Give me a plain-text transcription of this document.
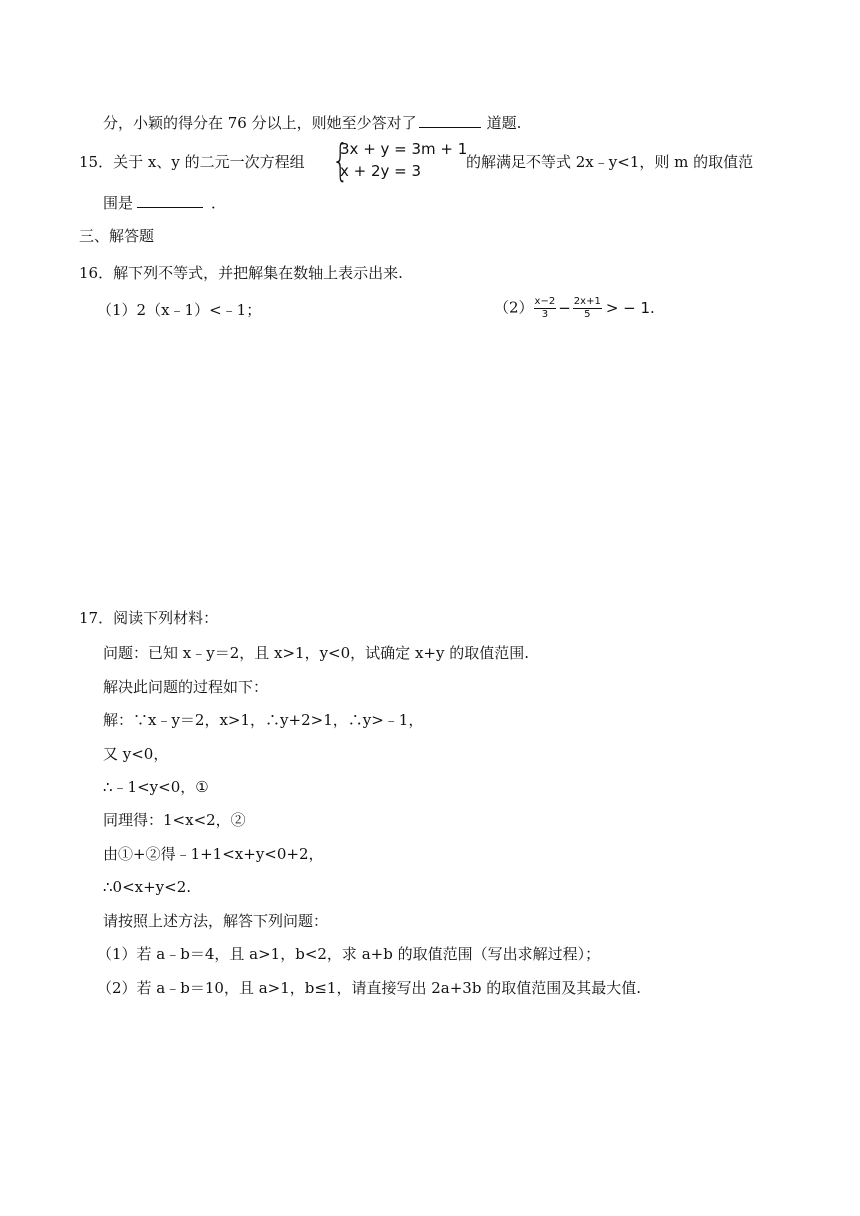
分，小颖的得分在 76 分以上，则她至少答对了	道题.
15．关于 x、y 的二元一次方程组 {
3x + y = 3m + 1
x + 2y = 3	的解满足不等式 2x﹣y<1，则 m 的取值范
围是	．
三、解答题
16．解下列不等式，并把解集在数轴上表示出来.
（1）2（x﹣1）<﹣1；	$(2) \frac{x-2}{3} - \frac{2x+1}{5}$ > − 1.
17．阅读下列材料：
问题：已知 x﹣y＝2，且 x>1，y<0，试确定 x+y 的取值范围.
解决此问题的过程如下：
解：∵x﹣y＝2，x>1，∴y+2>1，∴y>﹣1，
又 y<0，
∴﹣1<y<0，①
同理得：1<x<2，②
由①+②得﹣1+1<x+y<0+2，
∴0<x+y<2.
请按照上述方法，解答下列问题：
（1）若 a﹣b＝4，且 a>1，b<2，求 a+b 的取值范围（写出求解过程）；
（2）若 a﹣b＝10，且 a>1，b≤1，请直接写出 2a+3b 的取值范围及其最大值.
